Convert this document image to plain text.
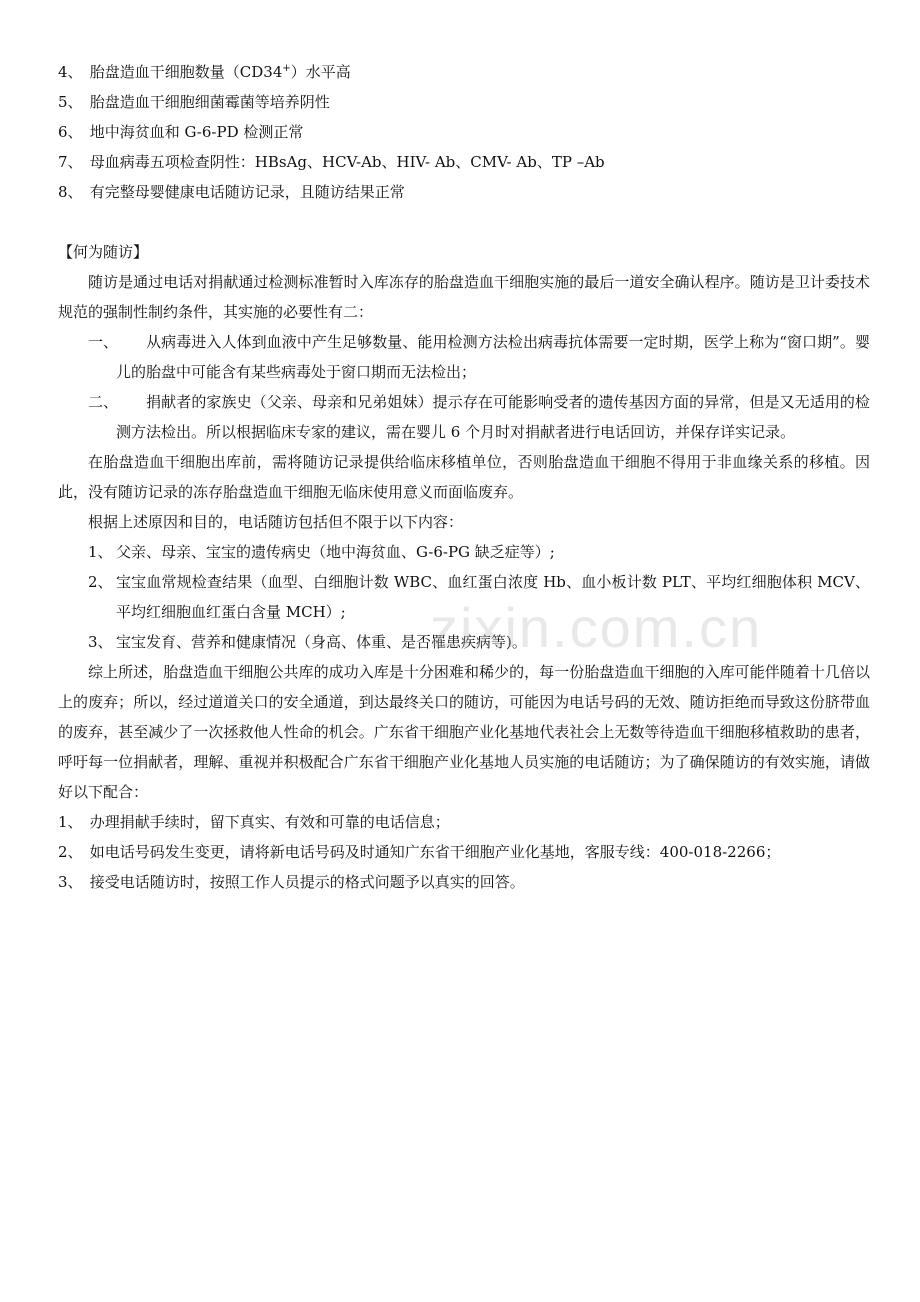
4、 胎盘造血干细胞数量（CD34+）水平高
5、 胎盘造血干细胞细菌霉菌等培养阴性
6、 地中海贫血和 G-6-PD 检测正常
7、 母血病毒五项检查阴性：HBsAg、HCV-Ab、HIV- Ab、CMV- Ab、TP –Ab
8、 有完整母婴健康电话随访记录，且随访结果正常
【何为随访】
随访是通过电话对捐献通过检测标准暂时入库冻存的胎盘造血干细胞实施的最后一道安全确认程序。随访是卫计委技术规范的强制性制约条件，其实施的必要性有二：
一、 从病毒进入人体到血液中产生足够数量、能用检测方法检出病毒抗体需要一定时期，医学上称为“窗口期”。婴儿的胎盘中可能含有某些病毒处于窗口期而无法检出；
二、 捐献者的家族史（父亲、母亲和兄弟姐妹）提示存在可能影响受者的遗传基因方面的异常，但是又无适用的检测方法检出。所以根据临床专家的建议，需在婴儿 6 个月时对捐献者进行电话回访，并保存详实记录。
在胎盘造血干细胞出库前，需将随访记录提供给临床移植单位，否则胎盘造血干细胞不得用于非血缘关系的移植。因此，没有随访记录的冻存胎盘造血干细胞无临床使用意义而面临废弃。
根据上述原因和目的，电话随访包括但不限于以下内容：
1、 父亲、母亲、宝宝的遗传病史（地中海贫血、G-6-PG 缺乏症等）;
2、 宝宝血常规检查结果（血型、白细胞计数 WBC、血红蛋白浓度 Hb、血小板计数 PLT、平均红细胞体积 MCV、平均红细胞血红蛋白含量 MCH）;
3、 宝宝发育、营养和健康情况（身高、体重、是否罹患疾病等)。
综上所述，胎盘造血干细胞公共库的成功入库是十分困难和稀少的，每一份胎盘造血干细胞的入库可能伴随着十几倍以上的废弃；所以，经过道道关口的安全通道，到达最终关口的随访，可能因为电话号码的无效、随访拒绝而导致这份脐带血的废弃，甚至减少了一次拯救他人性命的机会。广东省干细胞产业化基地代表社会上无数等待造血干细胞移植救助的患者，呼吁每一位捐献者，理解、重视并积极配合广东省干细胞产业化基地人员实施的电话随访；为了确保随访的有效实施，请做好以下配合：
1、 办理捐献手续时，留下真实、有效和可靠的电话信息；
2、 如电话号码发生变更，请将新电话号码及时通知广东省干细胞产业化基地，客服专线：400-018-2266；
3、 接受电话随访时，按照工作人员提示的格式问题予以真实的回答。
zixin.com.cn
